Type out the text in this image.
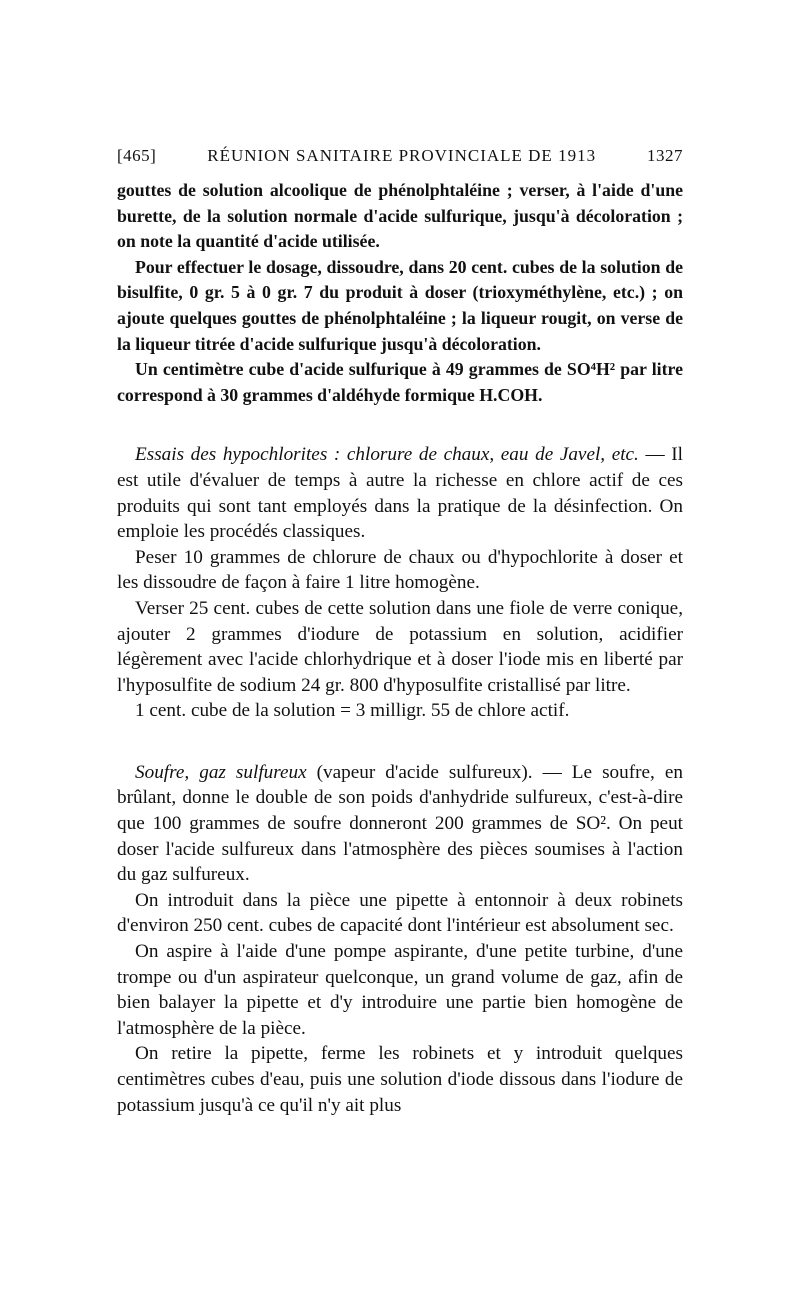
[465]	RÉUNION SANITAIRE PROVINCIALE DE 1913	1327

gouttes de solution alcoolique de phénolphtaléine ; verser, à l'aide d'une burette, de la solution normale d'acide sulfurique, jusqu'à décoloration ; on note la quantité d'acide utilisée.

Pour effectuer le dosage, dissoudre, dans 20 cent. cubes de la solution de bisulfite, 0 gr. 5 à 0 gr. 7 du produit à doser (trioxyméthylène, etc.) ; on ajoute quelques gouttes de phénolphtaléine ; la liqueur rougit, on verse de la liqueur titrée d'acide sulfurique jusqu'à décoloration.

Un centimètre cube d'acide sulfurique à 49 grammes de SO⁴H² par litre correspond à 30 grammes d'aldéhyde formique H.COH.

Essais des hypochlorites : chlorure de chaux, eau de Javel, etc. — Il est utile d'évaluer de temps à autre la richesse en chlore actif de ces produits qui sont tant employés dans la pratique de la désinfection. On emploie les procédés classiques.

Peser 10 grammes de chlorure de chaux ou d'hypochlorite à doser et les dissoudre de façon à faire 1 litre homogène.

Verser 25 cent. cubes de cette solution dans une fiole de verre conique, ajouter 2 grammes d'iodure de potassium en solution, acidifier légèrement avec l'acide chlorhydrique et à doser l'iode mis en liberté par l'hyposulfite de sodium 24 gr. 800 d'hyposulfite cristallisé par litre.

1 cent. cube de la solution = 3 milligr. 55 de chlore actif.

Soufre, gaz sulfureux (vapeur d'acide sulfureux). — Le soufre, en brûlant, donne le double de son poids d'anhydride sulfureux, c'est-à-dire que 100 grammes de soufre donneront 200 grammes de SO². On peut doser l'acide sulfureux dans l'atmosphère des pièces soumises à l'action du gaz sulfureux.

On introduit dans la pièce une pipette à entonnoir à deux robinets d'environ 250 cent. cubes de capacité dont l'intérieur est absolument sec.

On aspire à l'aide d'une pompe aspirante, d'une petite turbine, d'une trompe ou d'un aspirateur quelconque, un grand volume de gaz, afin de bien balayer la pipette et d'y introduire une partie bien homogène de l'atmosphère de la pièce.

On retire la pipette, ferme les robinets et y introduit quelques centimètres cubes d'eau, puis une solution d'iode dissous dans l'iodure de potassium jusqu'à ce qu'il n'y ait plus
